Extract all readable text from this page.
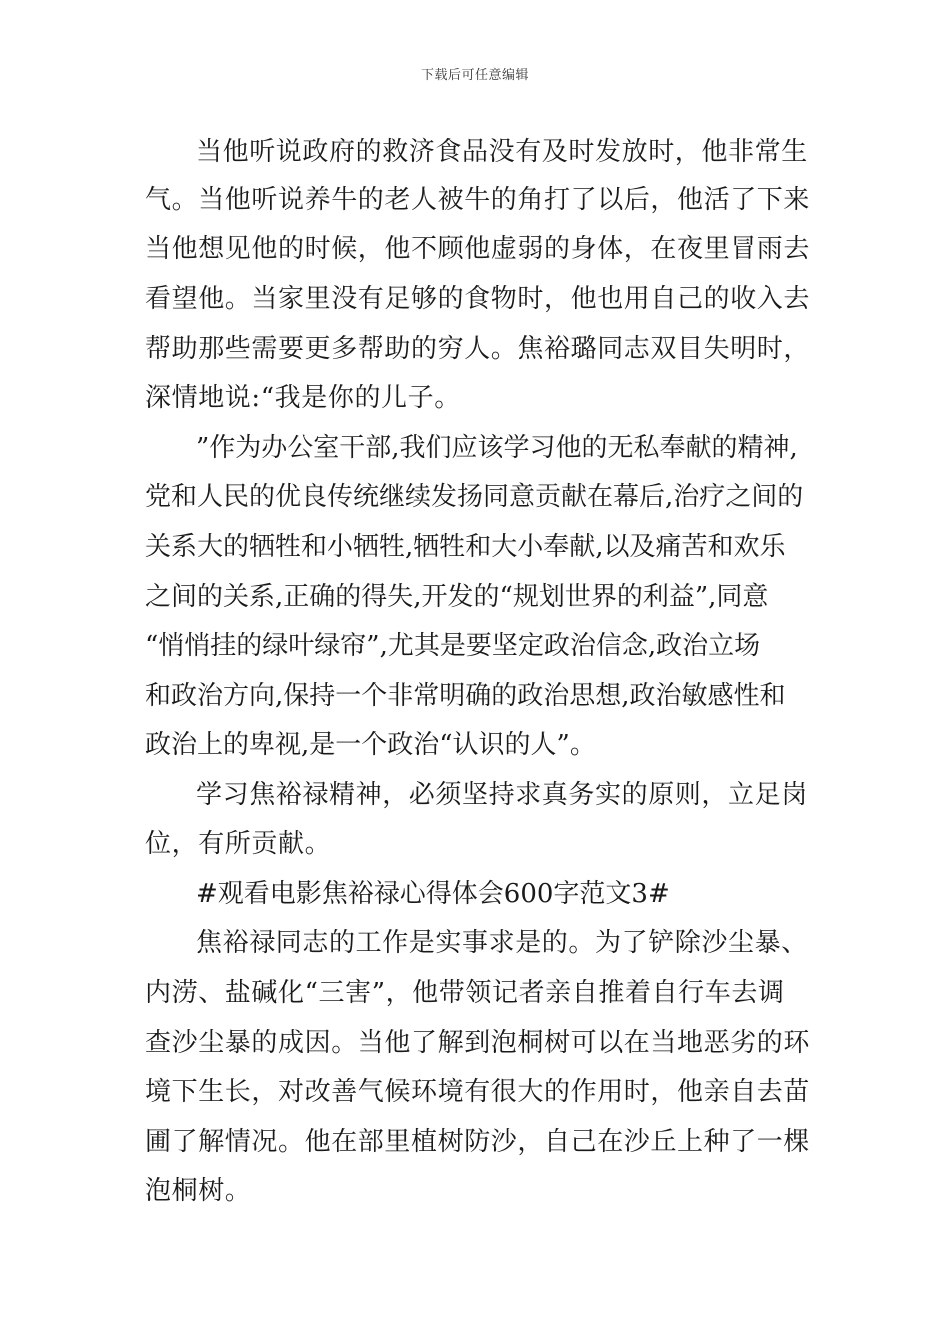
下载后可任意编辑
当他听说政府的救济食品没有及时发放时，他非常生
气。当他听说养牛的老人被牛的角打了以后，他活了下来
当他想见他的时候，他不顾他虚弱的身体，在夜里冒雨去
看望他。当家里没有足够的食物时，他也用自己的收入去
帮助那些需要更多帮助的穷人。焦裕璐同志双目失明时，
深情地说:“我是你的儿子。
”作为办公室干部,我们应该学习他的无私奉献的精神,
党和人民的优良传统继续发扬同意贡献在幕后,治疗之间的
关系大的牺牲和小牺牲,牺牲和大小奉献,以及痛苦和欢乐
之间的关系,正确的得失,开发的“规划世界的利益”,同意
“悄悄挂的绿叶绿帘”,尤其是要坚定政治信念,政治立场
和政治方向,保持一个非常明确的政治思想,政治敏感性和
政治上的卑视,是一个政治“认识的人”。
学习焦裕禄精神，必须坚持求真务实的原则，立足岗
位，有所贡献。
#观看电影焦裕禄心得体会600字范文3#
焦裕禄同志的工作是实事求是的。为了铲除沙尘暴、
内涝、盐碱化“三害”，他带领记者亲自推着自行车去调
查沙尘暴的成因。当他了解到泡桐树可以在当地恶劣的环
境下生长，对改善气候环境有很大的作用时，他亲自去苗
圃了解情况。他在部里植树防沙，自己在沙丘上种了一棵
泡桐树。
